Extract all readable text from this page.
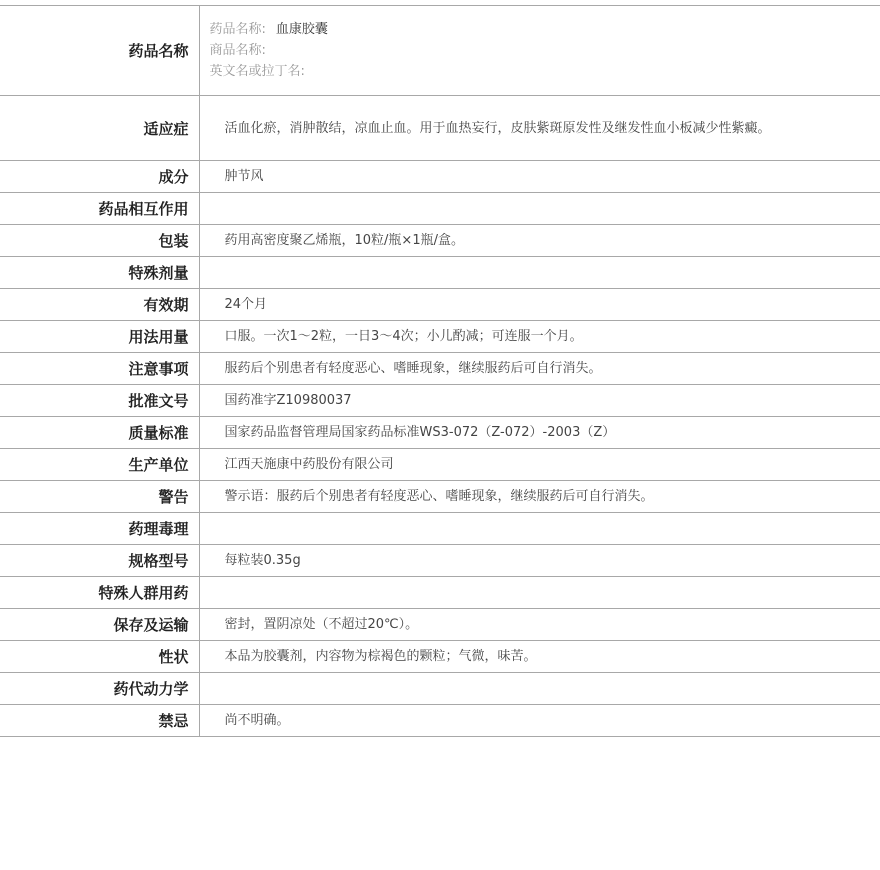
药品名称	药品名称: 血康胶囊
商品名称:
英文名或拉丁名:

适应症	活血化瘀，消肿散结，凉血止血。用于血热妄行，皮肤紫斑原发性及继发性血小板减少性紫癜。
成分	肿节风
药品相互作用	
包装	药用高密度聚乙烯瓶，10粒/瓶×1瓶/盒。
特殊剂量	
有效期	24个月
用法用量	口服。一次1～2粒，一日3～4次；小儿酌减；可连服一个月。
注意事项	服药后个别患者有轻度恶心、嗜睡现象，继续服药后可自行消失。
批准文号	国药准字Z10980037
质量标准	国家药品监督管理局国家药品标准WS3-072（Z-072）-2003（Z）
生产单位	江西天施康中药股份有限公司
警告	警示语：服药后个别患者有轻度恶心、嗜睡现象，继续服药后可自行消失。
药理毒理	
规格型号	每粒装0.35g
特殊人群用药	
保存及运输	密封，置阴凉处（不超过20℃）。
性状	本品为胶囊剂，内容物为棕褐色的颗粒；气微，味苦。
药代动力学	
禁忌	尚不明确。
